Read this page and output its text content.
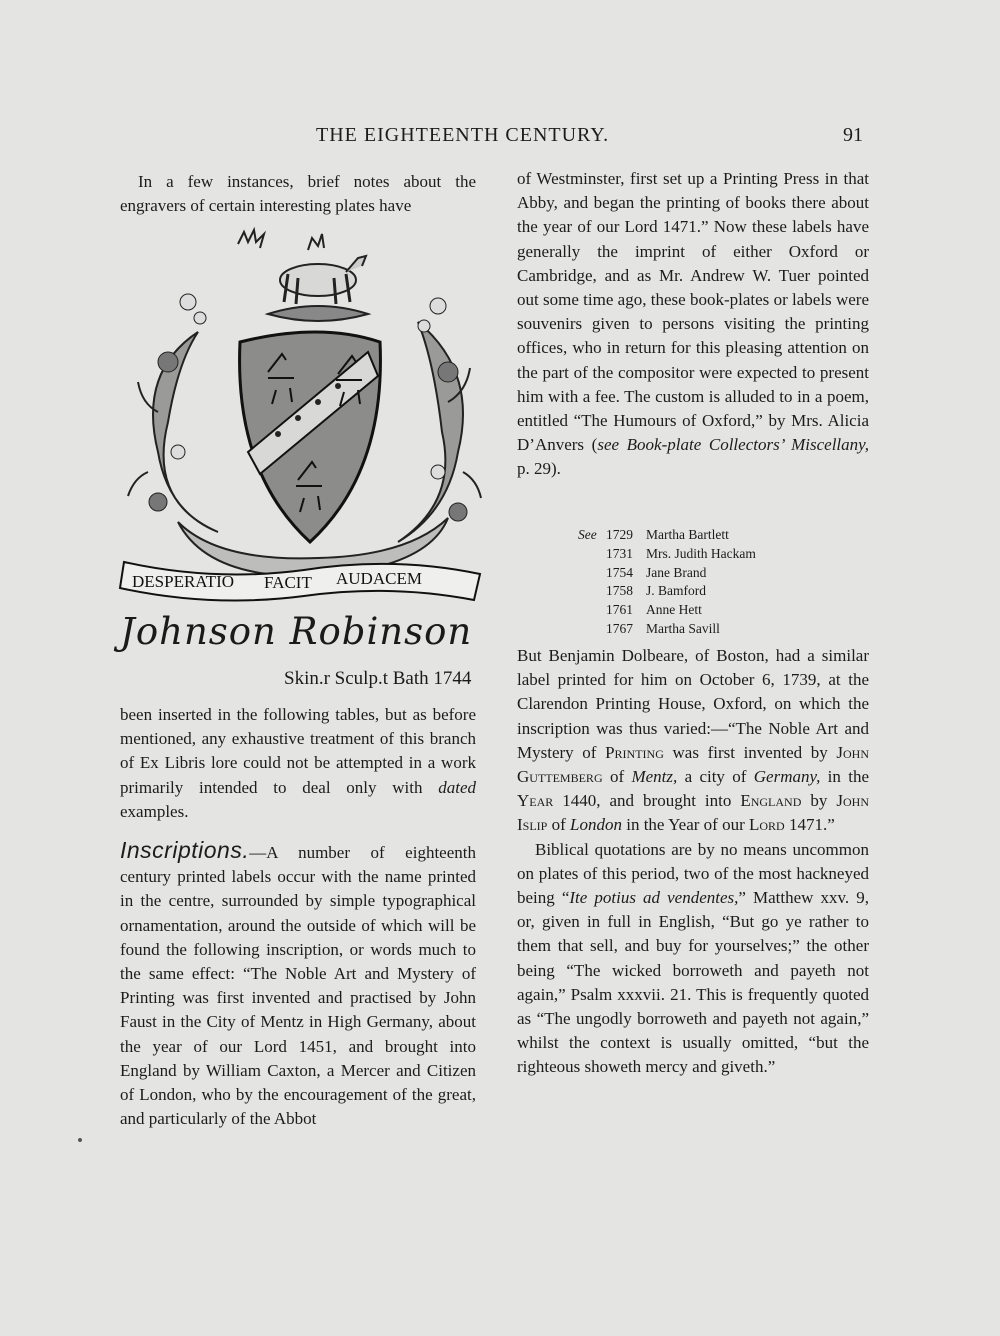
THE EIGHTEENTH CENTURY.	91

In a few instances, brief notes about the engravers of certain interesting plates have

DESPERATIO FACIT AUDACEM
Johnson Robinson
Skin.r Sculp.t Bath 1744

been inserted in the following tables, but as before mentioned, any exhaustive treatment of this branch of Ex Libris lore could not be attempted in a work primarily intended to deal only with dated examples.

Inscriptions.—A number of eighteenth century printed labels occur with the name printed in the centre, surrounded by simple typographical ornamentation, around the outside of which will be found the following inscription, or words much to the same effect: “The Noble Art and Mystery of Printing was first invented and practised by John Faust in the City of Mentz in High Germany, about the year of our Lord 1451, and brought into England by William Caxton, a Mercer and Citizen of London, who by the encouragement of the great, and particularly of the Abbot

of Westminster, first set up a Printing Press in that Abby, and began the printing of books there about the year of our Lord 1471.” Now these labels have generally the imprint of either Oxford or Cambridge, and as Mr. Andrew W. Tuer pointed out some time ago, these book-plates or labels were souvenirs given to persons visiting the printing offices, who in return for this pleasing attention on the part of the compositor were expected to present him with a fee. The custom is alluded to in a poem, entitled “The Humours of Oxford,” by Mrs. Alicia D’Anvers (see Book-plate Collectors’ Miscellany, p. 29).

See 1729 Martha Bartlett
1731 Mrs. Judith Hackam
1754 Jane Brand
1758 J. Bamford
1761 Anne Hett
1767 Martha Savill

But Benjamin Dolbeare, of Boston, had a similar label printed for him on October 6, 1739, at the Clarendon Printing House, Oxford, on which the inscription was thus varied:—“The Noble Art and Mystery of Printing was first invented by John Guttemberg of Mentz, a city of Germany, in the Year 1440, and brought into England by John Islip of London in the Year of our Lord 1471.”

Biblical quotations are by no means uncommon on plates of this period, two of the most hackneyed being “Ite potius ad vendentes,” Matthew xxv. 9, or, given in full in English, “But go ye rather to them that sell, and buy for yourselves;” the other being “The wicked borroweth and payeth not again,” Psalm xxxvii. 21. This is frequently quoted as “The ungodly borroweth and payeth not again,” whilst the context is usually omitted, “but the righteous showeth mercy and giveth.”
